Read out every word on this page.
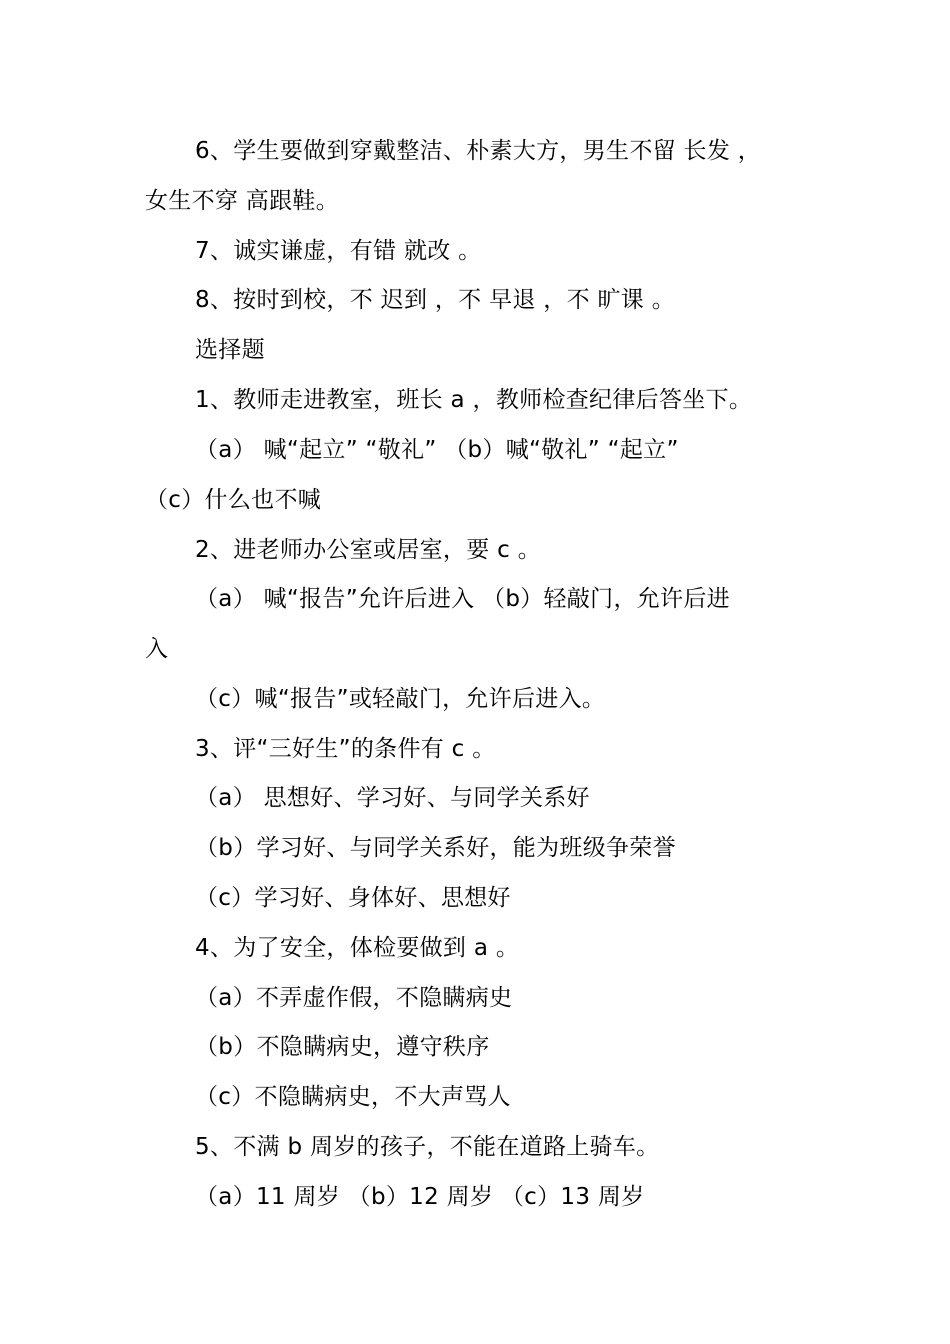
6、学生要做到穿戴整洁、朴素大方，男生不留 长发 ，
女生不穿 高跟鞋。
7、诚实谦虚，有错 就改 。
8、按时到校，不 迟到 ，不 早退 ，不 旷课 。
选择题
1、教师走进教室，班长 a ，教师检查纪律后答坐下。
（a） 喊“起立” “敬礼” （b）喊“敬礼” “起立”
（c）什么也不喊
2、进老师办公室或居室，要 c 。
（a） 喊“报告”允许后进入 （b）轻敲门，允许后进
入
（c）喊“报告”或轻敲门，允许后进入。
3、评“三好生”的条件有 c 。
（a） 思想好、学习好、与同学关系好
（b）学习好、与同学关系好，能为班级争荣誉
（c）学习好、身体好、思想好
4、为了安全，体检要做到 a 。
（a）不弄虚作假，不隐瞒病史
（b）不隐瞒病史，遵守秩序
（c）不隐瞒病史，不大声骂人
5、不满 b 周岁的孩子，不能在道路上骑车。
（a）11 周岁 （b）12 周岁 （c）13 周岁
